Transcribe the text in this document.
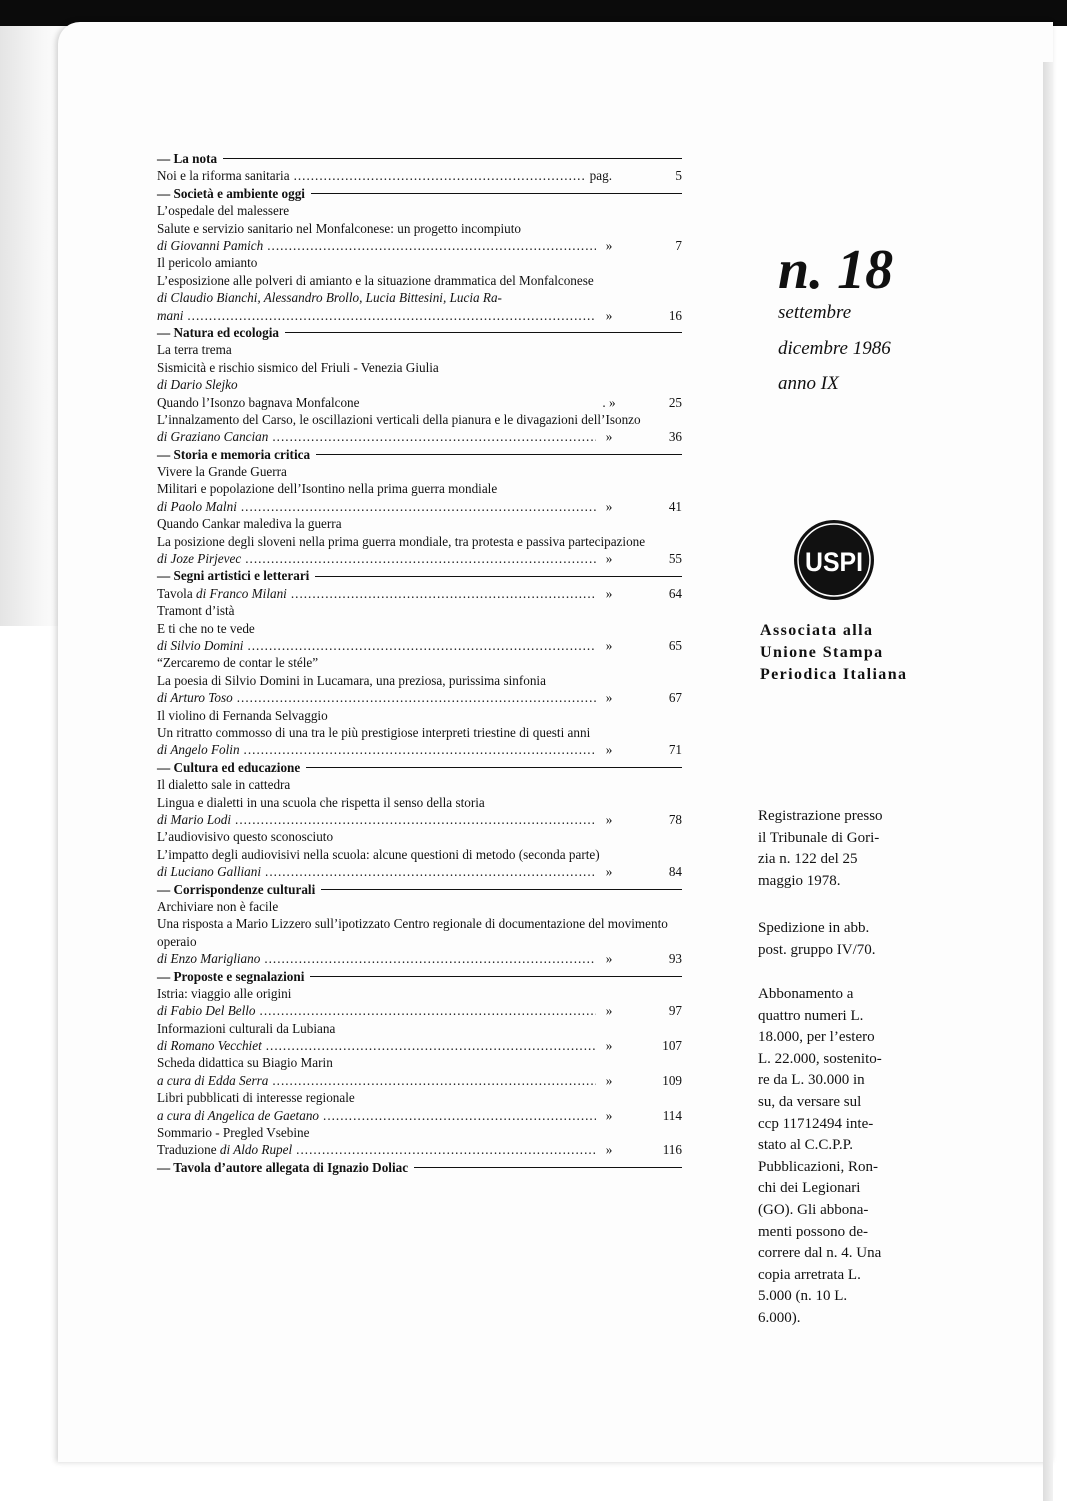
— La nota
Noi e la riforma sanitaria .....	pag.	5
— Società e ambiente oggi
L’ospedale del malessere
Salute e servizio sanitario nel Monfalconese: un progetto incompiuto
di Giovanni Pamich .....	»	7
Il pericolo amianto
L’esposizione alle polveri di amianto e la situazione drammatica del Monfalconese
di Claudio Bianchi, Alessandro Brollo, Lucia Bittesini, Lucia Ra-
mani .....	»	16
— Natura ed ecologia
La terra trema
Sismicità e rischio sismico del Friuli - Venezia Giulia
di Dario Slejko
Quando l’Isonzo bagnava Monfalcone	. »	25
L’innalzamento del Carso, le oscillazioni verticali della pianura e le divagazioni dell’Isonzo
di Graziano Cancian .....	»	36
— Storia e memoria critica
Vivere la Grande Guerra
Militari e popolazione dell’Isontino nella prima guerra mondiale
di Paolo Malni .....	»	41
Quando Cankar malediva la guerra
La posizione degli sloveni nella prima guerra mondiale, tra protesta e passiva partecipazione
di Joze Pirjevec .....	»	55
— Segni artistici e letterari
Tavola di Franco Milani .....	»	64
Tramont d’istà
E ti che no te vede
di Silvio Domini .....	»	65
“Zercaremo de contar le stéle”
La poesia di Silvio Domini in Lucamara, una preziosa, purissima sinfonia
di Arturo Toso .....	»	67
Il violino di Fernanda Selvaggio
Un ritratto commosso di una tra le più prestigiose interpreti triestine di questi anni
di Angelo Folin .....	»	71
— Cultura ed educazione
Il dialetto sale in cattedra
Lingua e dialetti in una scuola che rispetta il senso della storia
di Mario Lodi .....	»	78
L’audiovisivo questo sconosciuto
L’impatto degli audiovisivi nella scuola: alcune questioni di metodo (seconda parte)
di Luciano Galliani .....	»	84
— Corrispondenze culturali
Archiviare non è facile
Una risposta a Mario Lizzero sull’ipotizzato Centro regionale di documentazione del movimento operaio
di Enzo Marigliano .....	»	93
— Proposte e segnalazioni
Istria: viaggio alle origini
di Fabio Del Bello .....	»	97
Informazioni culturali da Lubiana
di Romano Vecchiet .....	»	107
Scheda didattica su Biagio Marin
a cura di Edda Serra .....	»	109
Libri pubblicati di interesse regionale
a cura di Angelica de Gaetano .....	»	114
Sommario - Pregled Vsebine
Traduzione di Aldo Rupel .....	»	116
— Tavola d’autore allegata di Ignazio Doliac
n. 18
settembre
dicembre 1986
anno IX
USPI
Associata alla
Unione Stampa
Periodica Italiana
Registrazione presso
il Tribunale di Gori-
zia n. 122 del 25
maggio 1978.
Spedizione in abb.
post. gruppo IV/70.
Abbonamento a
quattro numeri L.
18.000, per l’estero
L. 22.000, sostenito-
re da L. 30.000 in
su, da versare sul
ccp 11712494 inte-
stato al C.C.P.P.
Pubblicazioni, Ron-
chi dei Legionari
(GO). Gli abbona-
menti possono de-
correre dal n. 4. Una
copia arretrata L.
5.000 (n. 10 L.
6.000).
